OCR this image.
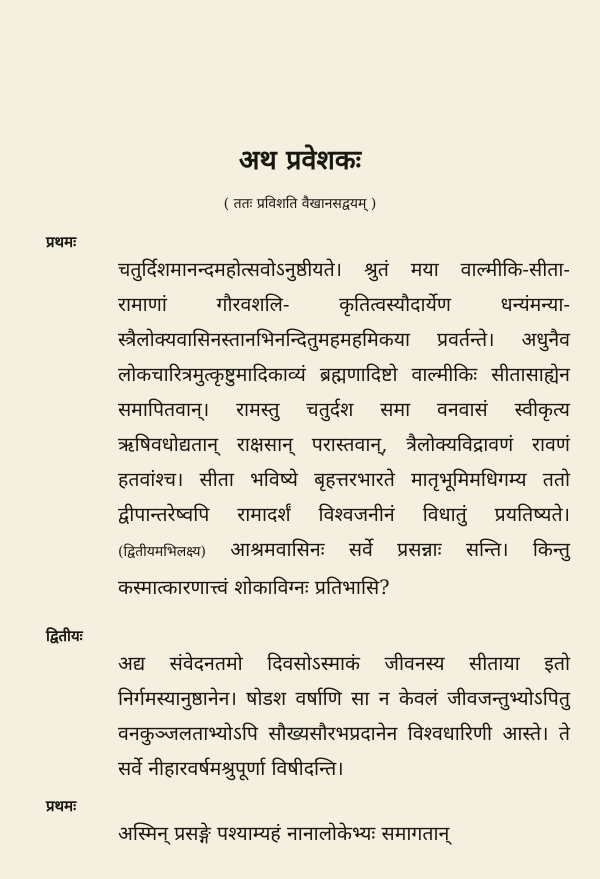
अथ प्रवेशकः
( ततः प्रविशति वैखानसद्वयम् )
प्रथमः

चतुर्दिशमानन्दमहोत्सवोऽनुष्ठीयते। श्रुतं मया वाल्मीकि-सीता-रामाणां गौरवशलि- कृतित्वस्यौदार्येण धन्यंमन्या-स्त्रैलोक्यवासिनस्तानभिनन्दितुमहमहमिकया प्रवर्तन्ते। अधुनैव लोकचारित्रमुत्कृष्टुमादिकाव्यं ब्रह्मणादिष्टो वाल्मीकिः सीतासाह्येन समापितवान्। रामस्तु चतुर्दश समा वनवासं स्वीकृत्य ऋषिवधोद्यतान् राक्षसान् परास्तवान्, त्रैलोक्यविद्रावणं रावणं हतवांश्च। सीता भविष्ये बृहत्तरभारते मातृभूमिमधिगम्य ततो द्वीपान्तरेष्वपि रामादर्शं विश्वजनीनं विधातुं प्रयतिष्यते। (द्वितीयमभिलक्ष्य) आश्रमवासिनः सर्वे प्रसन्नाः सन्ति। किन्तु कस्मात्कारणात्त्वं शोकाविग्नः प्रतिभासि?

द्वितीयः

अद्य संवेदनतमो दिवसोऽस्माकं जीवनस्य सीताया इतो निर्गमस्यानुष्ठानेन। षोडश वर्षाणि सा न केवलं जीवजन्तुभ्योऽपितु वनकुञ्जलताभ्योऽपि सौख्यसौरभप्रदानेन विश्वधारिणी आस्ते। ते सर्वे नीहारवर्षमश्रुपूर्णा विषीदन्ति।

प्रथमः

अस्मिन् प्रसङ्गे पश्याम्यहं नानालोकेभ्यः समागतान्
